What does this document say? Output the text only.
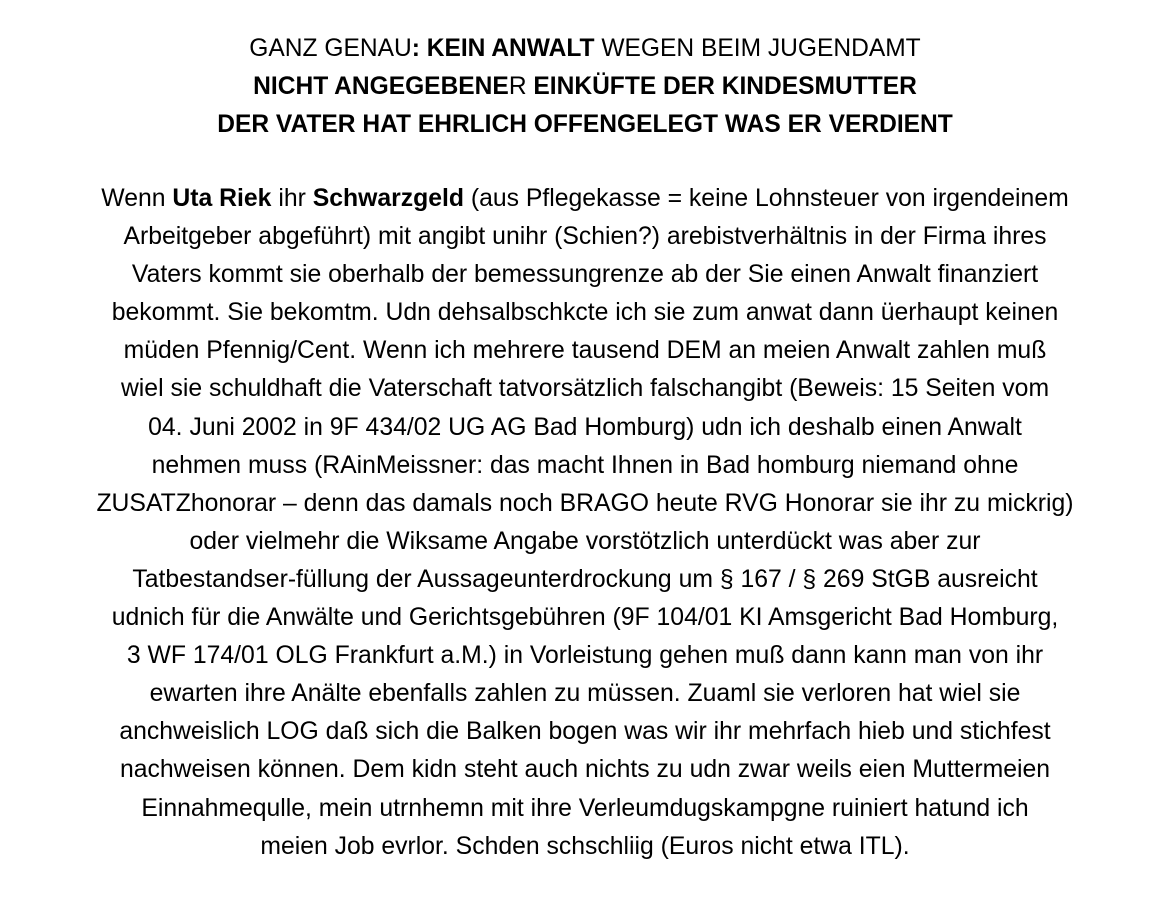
GANZ GENAU: KEIN ANWALT WEGEN BEIM JUGENDAMT
NICHT ANGEGEBENER EINKÜFTE DER KINDESMUTTER
DER VATER HAT EHRLICH OFFENGELEGT WAS ER VERDIENT
Wenn Uta Riek ihr Schwarzgeld (aus Pflegekasse = keine Lohnsteuer von irgendeinem
Arbeitgeber abgeführt) mit angibt unihr (Schien?) arebistverhältnis in der Firma ihres
Vaters kommt sie oberhalb der bemessungrenze ab der Sie einen Anwalt finanziert
bekommt. Sie bekomtm. Udn dehsalbschkcte ich sie zum anwat dann üerhaupt keinen
müden Pfennig/Cent. Wenn ich mehrere tausend DEM an meien Anwalt zahlen muß
wiel sie schuldhaft die Vaterschaft tatvorsätzlich falschangibt (Beweis: 15 Seiten vom
04. Juni 2002 in 9F 434/02 UG AG Bad Homburg) udn ich deshalb einen Anwalt
nehmen muss (RAinMeissner: das macht Ihnen in Bad homburg niemand ohne
ZUSATZhonorar – denn das damals noch BRAGO heute RVG Honorar sie ihr zu mickrig)
oder vielmehr die Wiksame Angabe vorstötzlich unterdückt was aber zur
Tatbestandser-füllung der Aussageunterdrockung um § 167 / § 269 StGB ausreicht
udnich für die Anwälte und Gerichtsgebühren (9F 104/01 KI Amsgericht Bad Homburg,
3 WF 174/01 OLG Frankfurt a.M.) in Vorleistung gehen muß dann kann man von ihr
ewarten ihre Anälte ebenfalls zahlen zu müssen. Zuaml sie verloren hat wiel sie
anchweislich LOG daß sich die Balken bogen was wir ihr mehrfach hieb und stichfest
nachweisen können. Dem kidn steht auch nichts zu udn zwar weils eien Muttermeien
Einnahmequlle, mein utrnhemn mit ihre Verleumdugskampgne ruiniert hatund ich
meien Job evrlor. Schden schschliig (Euros nicht etwa ITL).
